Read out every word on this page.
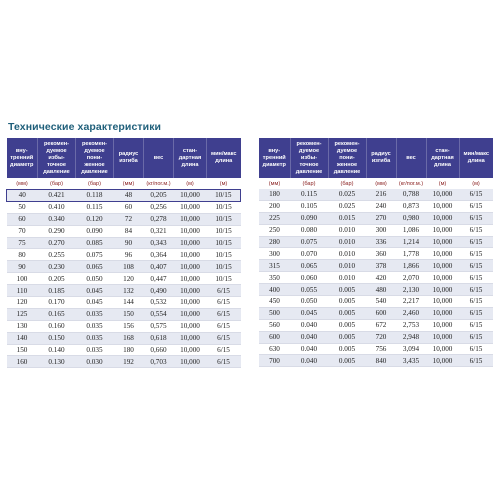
Технические характеристики
вну-
тренний
диаметр	рекомен-
дуемое
избы-
точное
давление	рекомен-
дуемое
пони-
женное
давление	радиус
изгиба	вес	стан-
дартная
длина	мин/макс
длина
(мм)	(бар)	(бар)	(мм)	(кг/пог.м.)	(м)	(м)
40	0.421	0.118	48	0,205	10,000	10/15
50	0.410	0.115	60	0,256	10,000	10/15
60	0.340	0.120	72	0,278	10,000	10/15
70	0.290	0.090	84	0,321	10,000	10/15
75	0.270	0.085	90	0,343	10,000	10/15
80	0.255	0.075	96	0,364	10,000	10/15
90	0.230	0.065	108	0,407	10,000	10/15
100	0.205	0.050	120	0,447	10,000	10/15
110	0.185	0.045	132	0,490	10,000	6/15
120	0.170	0.045	144	0,532	10,000	6/15
125	0.165	0.035	150	0,554	10,000	6/15
130	0.160	0.035	156	0,575	10,000	6/15
140	0.150	0.035	168	0,618	10,000	6/15
150	0.140	0.035	180	0,660	10,000	6/15
160	0.130	0.030	192	0,703	10,000	6/15
вну-
тренний
диаметр	рекомен-
дуемое
избы-
точное
давление	рекомен-
дуемое
пони-
женное
давление	радиус
изгиба	вес	стан-
дартная
длина	мин/макс
длина
(мм)	(бар)	(бар)	(мм)	(кг/пог.м.)	(м)	(м)
180	0.115	0.025	216	0,788	10,000	6/15
200	0.105	0.025	240	0,873	10,000	6/15
225	0.090	0.015	270	0,980	10,000	6/15
250	0.080	0.010	300	1,086	10,000	6/15
280	0.075	0.010	336	1,214	10,000	6/15
300	0.070	0.010	360	1,778	10,000	6/15
315	0.065	0.010	378	1,866	10,000	6/15
350	0.060	0.010	420	2,070	10,000	6/15
400	0.055	0.005	480	2,130	10,000	6/15
450	0.050	0.005	540	2,217	10,000	6/15
500	0.045	0.005	600	2,460	10,000	6/15
560	0.040	0.005	672	2,753	10,000	6/15
600	0.040	0.005	720	2,948	10,000	6/15
630	0.040	0.005	756	3,094	10,000	6/15
700	0.040	0.005	840	3,435	10,000	6/15
